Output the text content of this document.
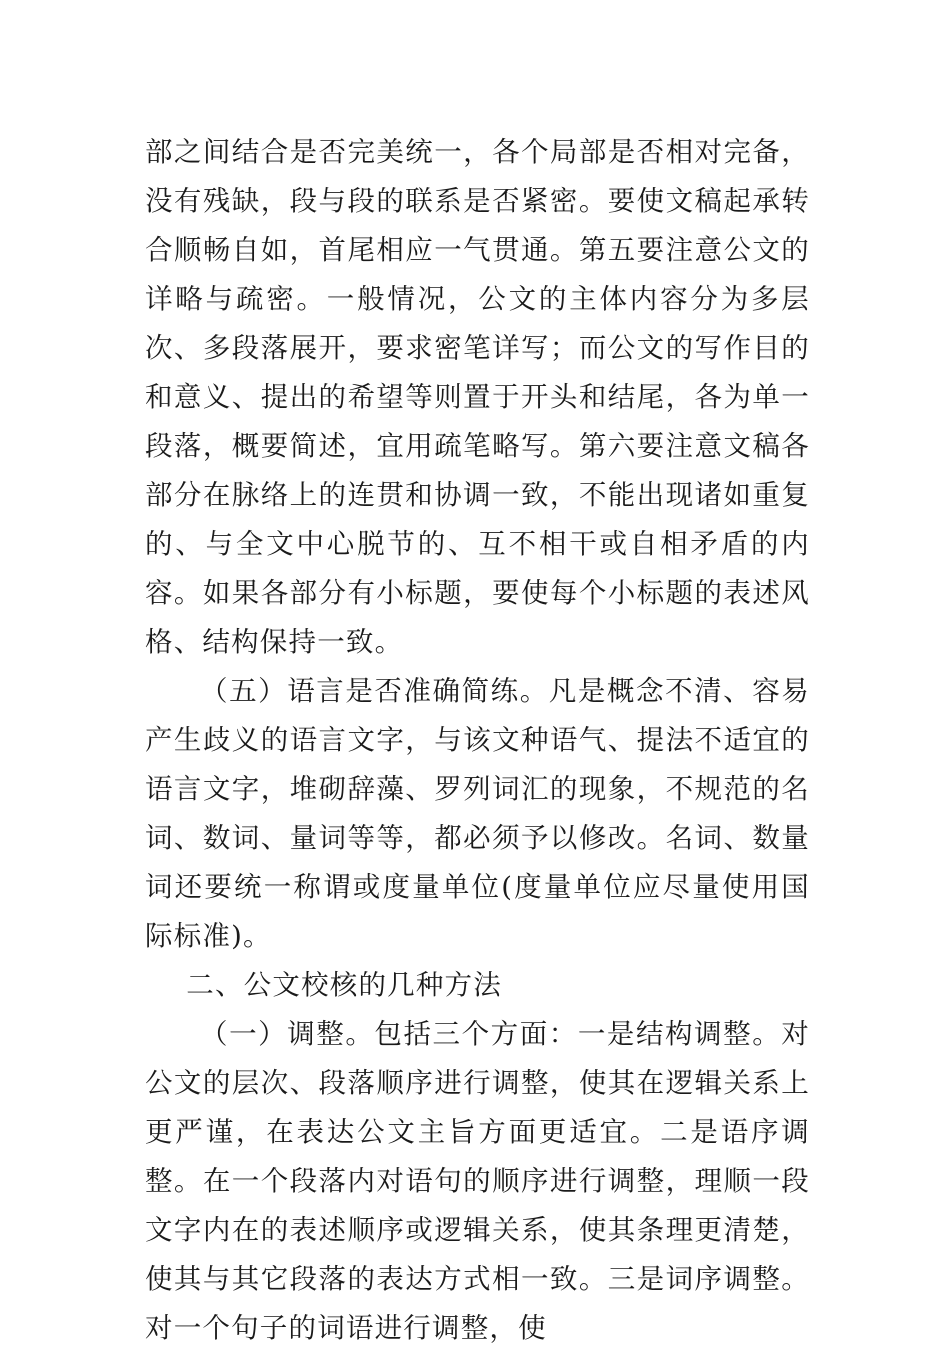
部之间结合是否完美统一，各个局部是否相对完备，没有残缺，段与段的联系是否紧密。要使文稿起承转合顺畅自如，首尾相应一气贯通。第五要注意公文的详略与疏密。一般情况，公文的主体内容分为多层次、多段落展开，要求密笔详写；而公文的写作目的和意义、提出的希望等则置于开头和结尾，各为单一段落，概要简述，宜用疏笔略写。第六要注意文稿各部分在脉络上的连贯和协调一致，不能出现诸如重复的、与全文中心脱节的、互不相干或自相矛盾的内容。如果各部分有小标题，要使每个小标题的表述风格、结构保持一致。

（五）语言是否准确简练。凡是概念不清、容易产生歧义的语言文字，与该文种语气、提法不适宜的语言文字，堆砌辞藻、罗列词汇的现象，不规范的名词、数词、量词等等，都必须予以修改。名词、数量词还要统一称谓或度量单位(度量单位应尽量使用国际标准)。

二、公文校核的几种方法

（一）调整。包括三个方面：一是结构调整。对公文的层次、段落顺序进行调整，使其在逻辑关系上更严谨，在表达公文主旨方面更适宜。二是语序调整。在一个段落内对语句的顺序进行调整，理顺一段文字内在的表述顺序或逻辑关系，使其条理更清楚，使其与其它段落的表达方式相一致。三是词序调整。对一个句子的词语进行调整，使
